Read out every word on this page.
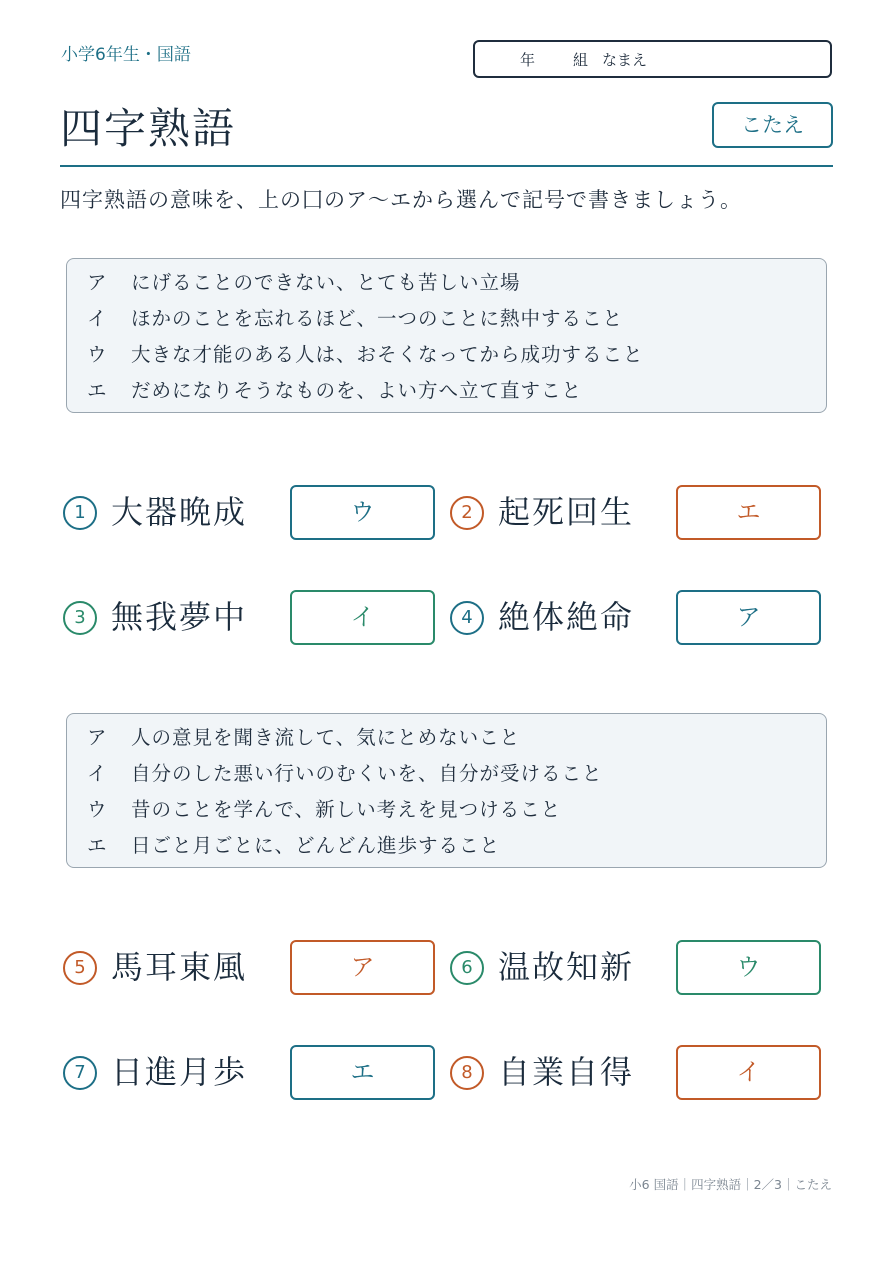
小学6年生・国語	年	組 なまえ
四字熟語	こたえ
四字熟語の意味を、上の囗のア〜エから選んで記号で書きましょう。
ア にげることのできない、とても苦しい立場
イ ほかのことを忘れるほど、一つのことに熱中すること
ウ 大きな才能のある人は、おそくなってから成功すること
エ だめになりそうなものを、よい方へ立て直すこと
1 大器晩成	ウ	2 起死回生	エ
3 無我夢中	イ	4 絶体絶命	ア
ア 人の意見を聞き流して、気にとめないこと
イ 自分のした悪い行いのむくいを、自分が受けること
ウ 昔のことを学んで、新しい考えを見つけること
エ 日ごと月ごとに、どんどん進歩すること
5 馬耳東風	ア	6 温故知新	ウ
7 日進月歩	エ	8 自業自得	イ
小6 国語｜四字熟語｜2／3｜こたえ
